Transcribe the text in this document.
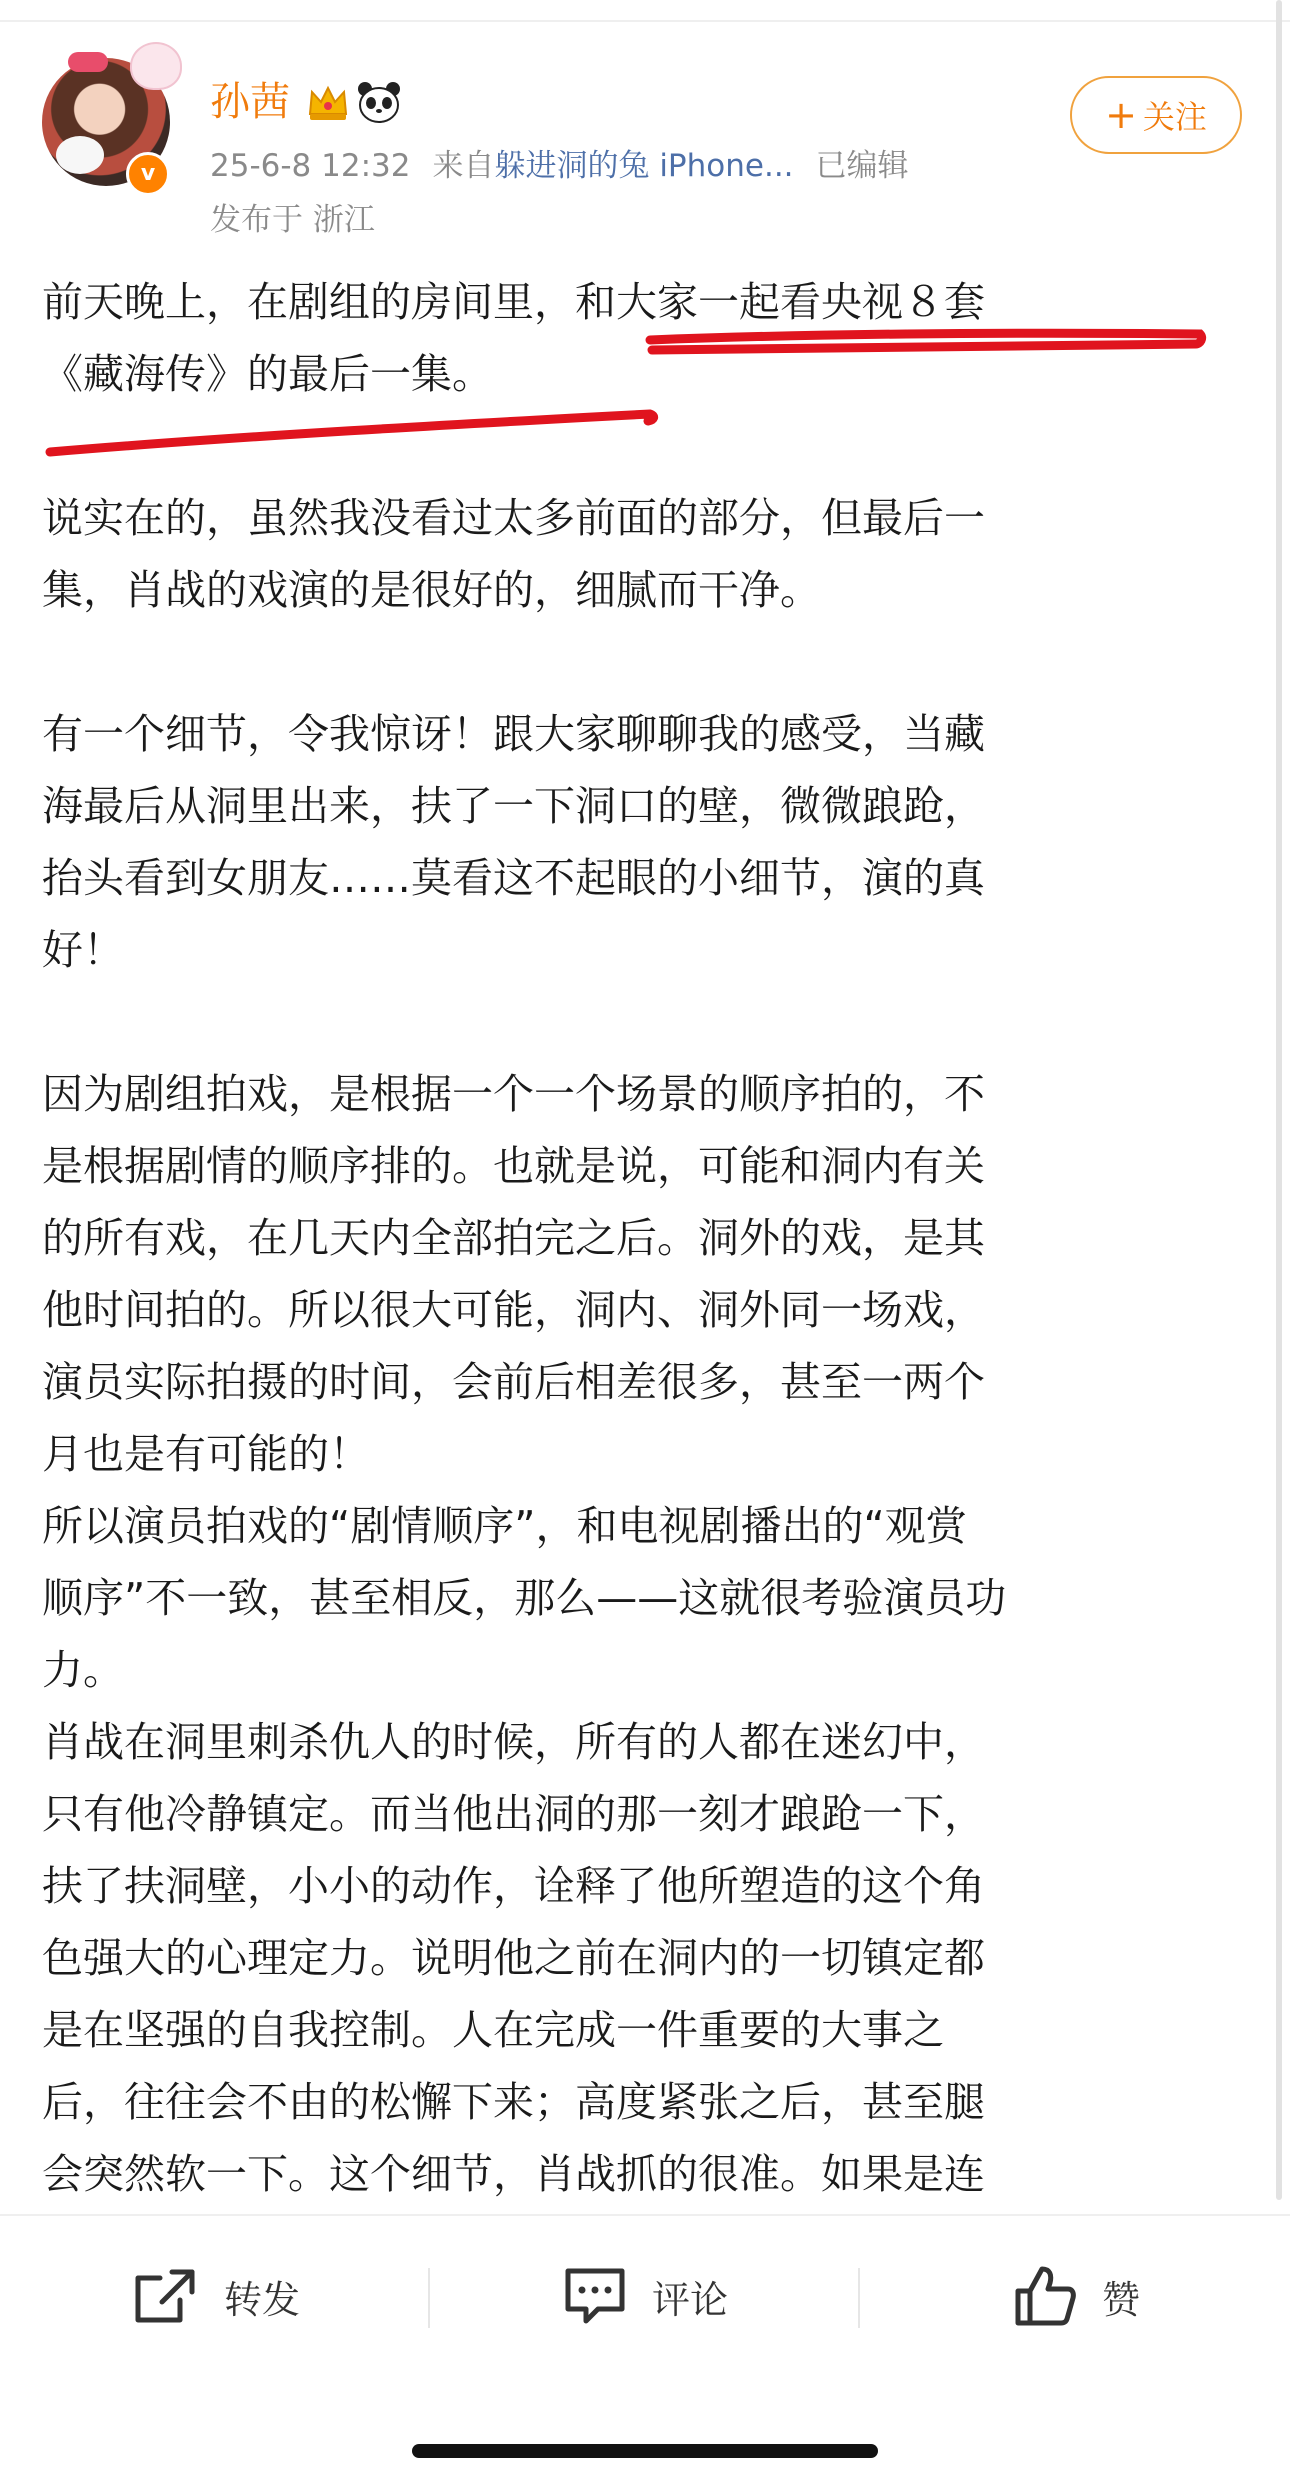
v
孙茜
25-6-8 12:32 来自躲进洞的兔 iPhone... 已编辑
发布于 浙江
+ 关注

前天晚上，在剧组的房间里，和大家一起看央视８套

《藏海传》的最后一集。

说实在的，虽然我没看过太多前面的部分，但最后一

集，肖战的戏演的是很好的，细腻而干净。

有一个细节，令我惊讶！跟大家聊聊我的感受，当藏

海最后从洞里出来，扶了一下洞口的壁，微微踉跄，

抬头看到女朋友……莫看这不起眼的小细节，演的真

好！

因为剧组拍戏，是根据一个一个场景的顺序拍的，不

是根据剧情的顺序排的。也就是说，可能和洞内有关

的所有戏，在几天内全部拍完之后。洞外的戏，是其

他时间拍的。所以很大可能，洞内、洞外同一场戏，

演员实际拍摄的时间，会前后相差很多，甚至一两个

月也是有可能的！

所以演员拍戏的“剧情顺序”，和电视剧播出的“观赏

顺序”不一致，甚至相反，那么——这就很考验演员功

力。

肖战在洞里刺杀仇人的时候，所有的人都在迷幻中，

只有他冷静镇定。而当他出洞的那一刻才踉跄一下，

扶了扶洞壁，小小的动作，诠释了他所塑造的这个角

色强大的心理定力。说明他之前在洞内的一切镇定都

是在坚强的自我控制。人在完成一件重要的大事之

后，往往会不由的松懈下来；高度紧张之后，甚至腿

会突然软一下。这个细节，肖战抓的很准。如果是连

转发	评论	赞
